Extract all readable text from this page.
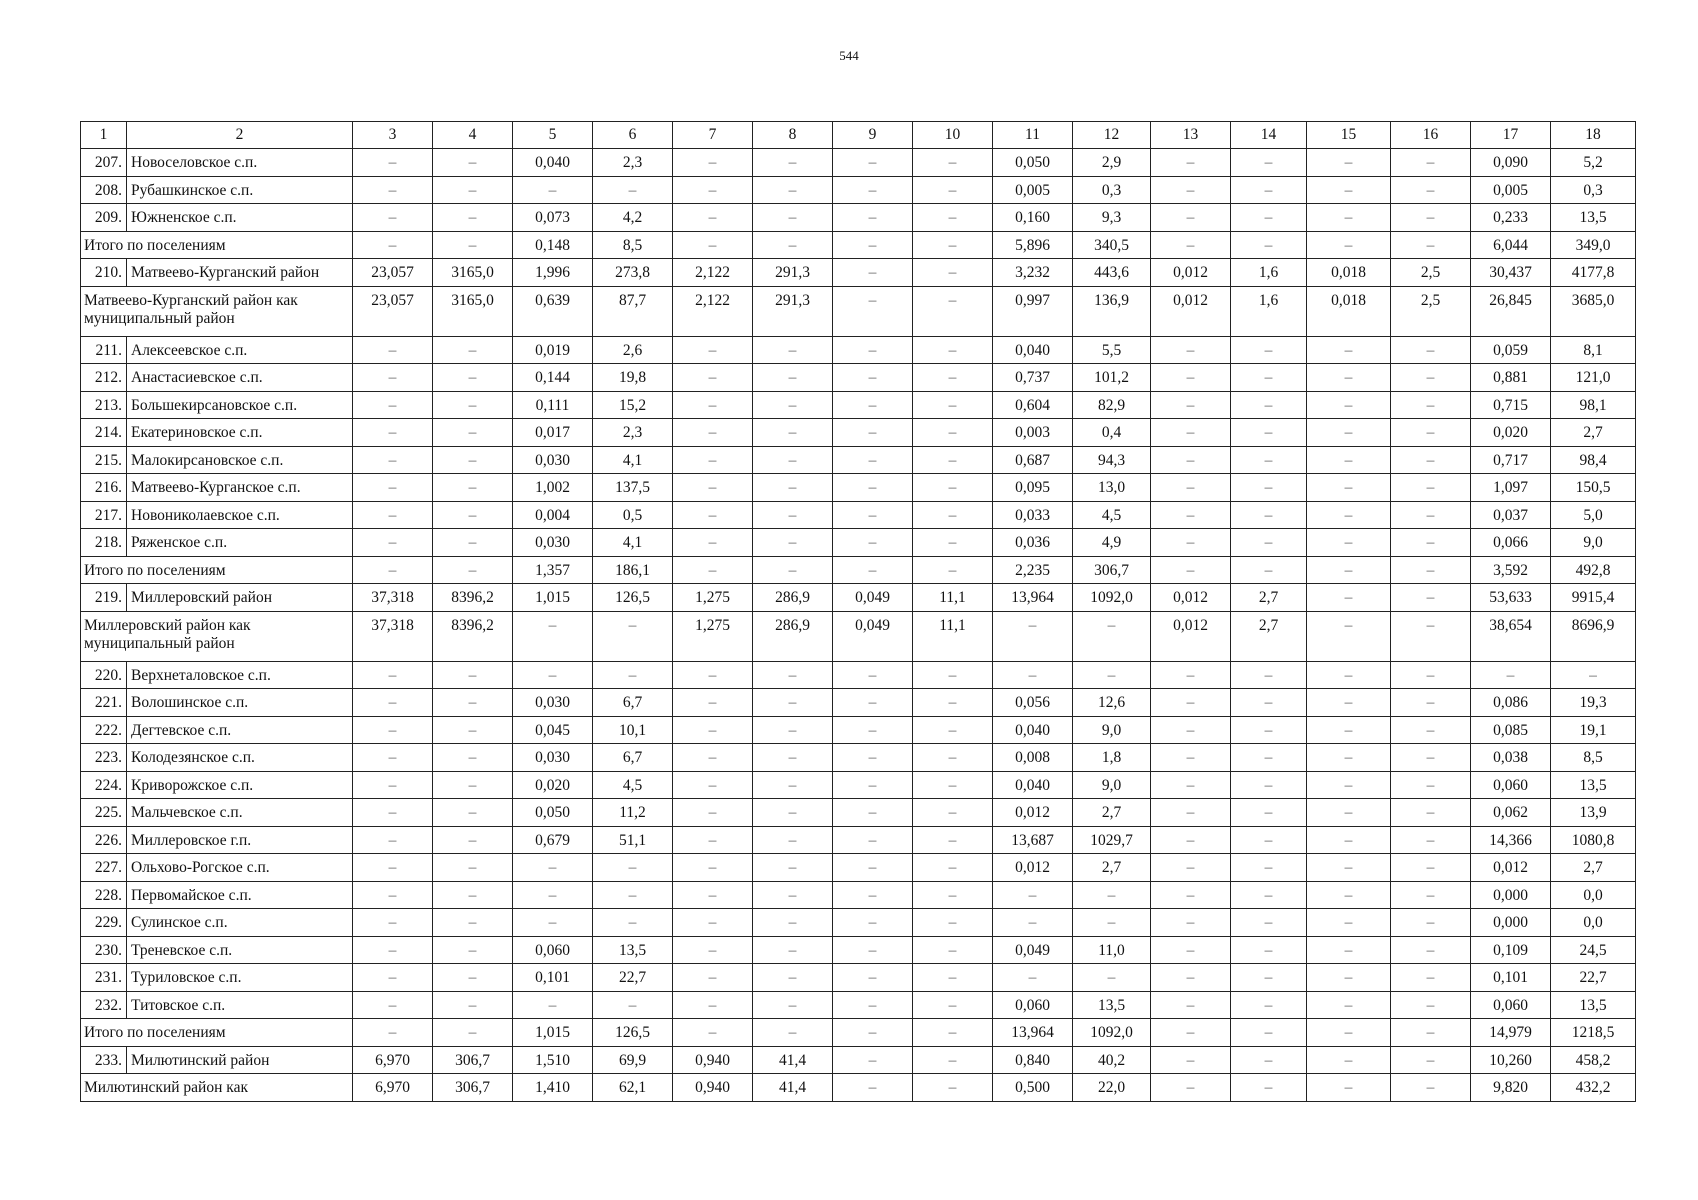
544
1	2	3	4	5	6	7	8	9	10	11	12	13	14	15	16	17	18
207.	Новоселовское с.п.	–	–	0,040	2,3	–	–	–	–	0,050	2,9	–	–	–	–	0,090	5,2
208.	Рубашкинское с.п.	–	–	–	–	–	–	–	–	0,005	0,3	–	–	–	–	0,005	0,3
209.	Южненское с.п.	–	–	0,073	4,2	–	–	–	–	0,160	9,3	–	–	–	–	0,233	13,5
Итого по поселениям		–	–	0,148	8,5	–	–	–	–	5,896	340,5	–	–	–	–	6,044	349,0
210.	Матвеево-Курганский район	23,057	3165,0	1,996	273,8	2,122	291,3	–	–	3,232	443,6	0,012	1,6	0,018	2,5	30,437	4177,8
Матвеево-Курганский район как муниципальный район		23,057	3165,0	0,639	87,7	2,122	291,3	–	–	0,997	136,9	0,012	1,6	0,018	2,5	26,845	3685,0
211.	Алексеевское с.п.	–	–	0,019	2,6	–	–	–	–	0,040	5,5	–	–	–	–	0,059	8,1
212.	Анастасиевское с.п.	–	–	0,144	19,8	–	–	–	–	0,737	101,2	–	–	–	–	0,881	121,0
213.	Большекирсановское с.п.	–	–	0,111	15,2	–	–	–	–	0,604	82,9	–	–	–	–	0,715	98,1
214.	Екатериновское с.п.	–	–	0,017	2,3	–	–	–	–	0,003	0,4	–	–	–	–	0,020	2,7
215.	Малокирсановское с.п.	–	–	0,030	4,1	–	–	–	–	0,687	94,3	–	–	–	–	0,717	98,4
216.	Матвеево-Курганское с.п.	–	–	1,002	137,5	–	–	–	–	0,095	13,0	–	–	–	–	1,097	150,5
217.	Новониколаевское с.п.	–	–	0,004	0,5	–	–	–	–	0,033	4,5	–	–	–	–	0,037	5,0
218.	Ряженское с.п.	–	–	0,030	4,1	–	–	–	–	0,036	4,9	–	–	–	–	0,066	9,0
Итого по поселениям		–	–	1,357	186,1	–	–	–	–	2,235	306,7	–	–	–	–	3,592	492,8
219.	Миллеровский район	37,318	8396,2	1,015	126,5	1,275	286,9	0,049	11,1	13,964	1092,0	0,012	2,7	–	–	53,633	9915,4
Миллеровский район как муниципальный район		37,318	8396,2	–	–	1,275	286,9	0,049	11,1	–	–	0,012	2,7	–	–	38,654	8696,9
220.	Верхнеталовское с.п.	–	–	–	–	–	–	–	–	–	–	–	–	–	–	–	–
221.	Волошинское с.п.	–	–	0,030	6,7	–	–	–	–	0,056	12,6	–	–	–	–	0,086	19,3
222.	Дегтевское с.п.	–	–	0,045	10,1	–	–	–	–	0,040	9,0	–	–	–	–	0,085	19,1
223.	Колодезянское с.п.	–	–	0,030	6,7	–	–	–	–	0,008	1,8	–	–	–	–	0,038	8,5
224.	Криворожское с.п.	–	–	0,020	4,5	–	–	–	–	0,040	9,0	–	–	–	–	0,060	13,5
225.	Мальчевское с.п.	–	–	0,050	11,2	–	–	–	–	0,012	2,7	–	–	–	–	0,062	13,9
226.	Миллеровское г.п.	–	–	0,679	51,1	–	–	–	–	13,687	1029,7	–	–	–	–	14,366	1080,8
227.	Ольхово-Рогское с.п.	–	–	–	–	–	–	–	–	0,012	2,7	–	–	–	–	0,012	2,7
228.	Первомайское с.п.	–	–	–	–	–	–	–	–	–	–	–	–	–	–	0,000	0,0
229.	Сулинское с.п.	–	–	–	–	–	–	–	–	–	–	–	–	–	–	0,000	0,0
230.	Треневское с.п.	–	–	0,060	13,5	–	–	–	–	0,049	11,0	–	–	–	–	0,109	24,5
231.	Туриловское с.п.	–	–	0,101	22,7	–	–	–	–	–	–	–	–	–	–	0,101	22,7
232.	Титовское с.п.	–	–	–	–	–	–	–	–	0,060	13,5	–	–	–	–	0,060	13,5
Итого по поселениям		–	–	1,015	126,5	–	–	–	–	13,964	1092,0	–	–	–	–	14,979	1218,5
233.	Милютинский район	6,970	306,7	1,510	69,9	0,940	41,4	–	–	0,840	40,2	–	–	–	–	10,260	458,2
Милютинский район как		6,970	306,7	1,410	62,1	0,940	41,4	–	–	0,500	22,0	–	–	–	–	9,820	432,2
